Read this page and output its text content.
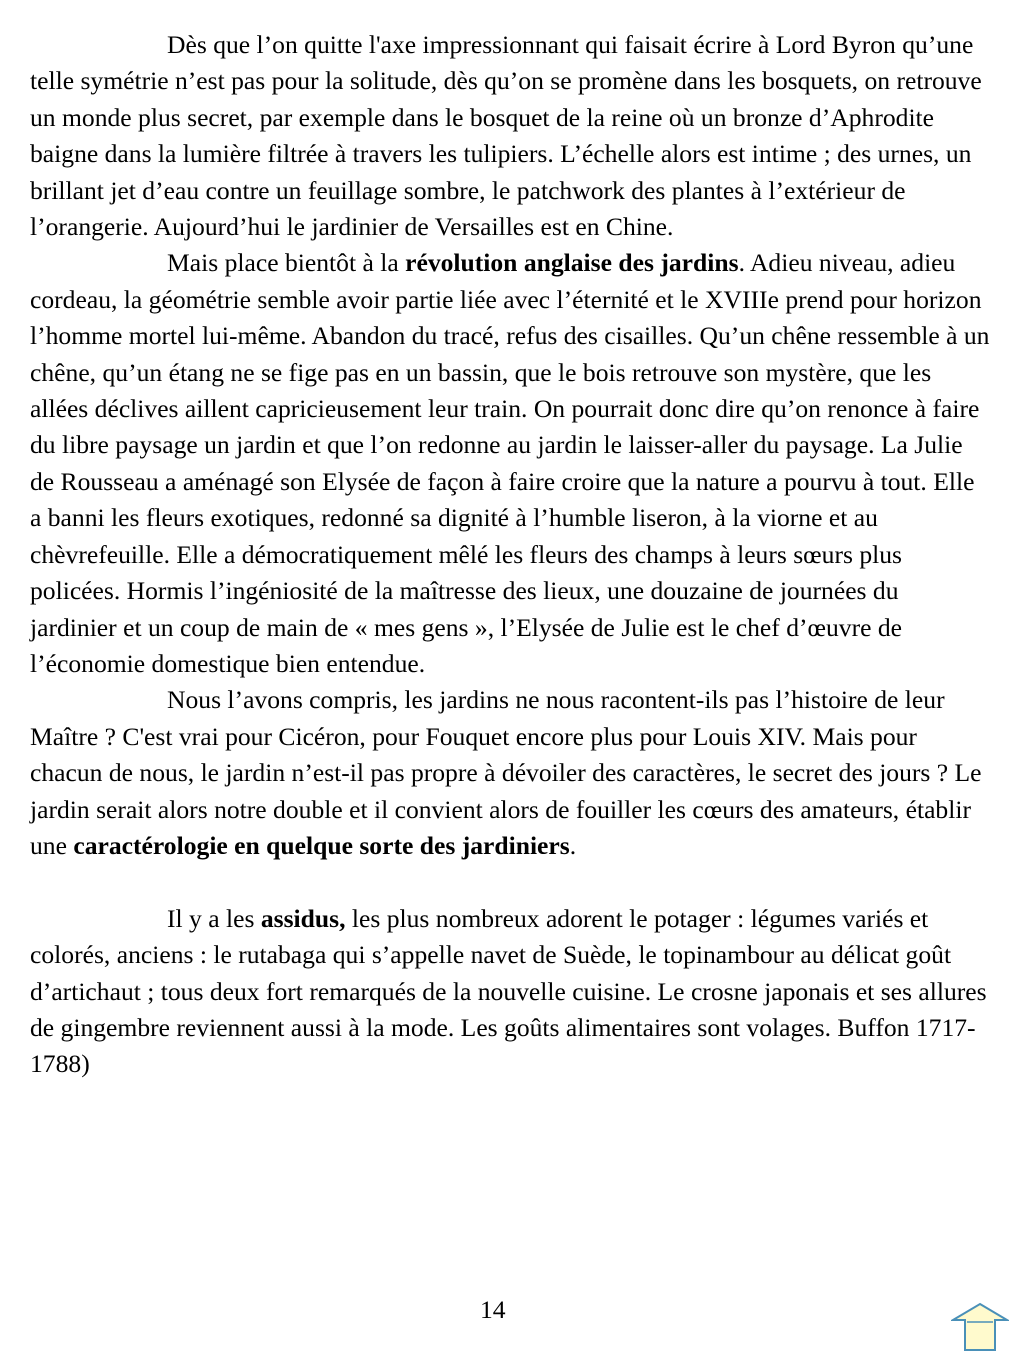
Dès que l’on quitte l'axe impressionnant qui faisait écrire à Lord Byron qu’une telle symétrie n’est pas pour la solitude, dès qu’on se promène dans les bosquets, on retrouve un monde plus secret, par exemple dans le bosquet de la reine où un bronze d’Aphrodite baigne dans la lumière filtrée à travers les tulipiers. L’échelle alors est intime ; des urnes, un brillant jet d’eau contre un feuillage sombre, le patchwork des plantes à l’extérieur de l’orangerie. Aujourd’hui le jardinier de Versailles est en Chine.

Mais place bientôt à la révolution anglaise des jardins. Adieu niveau, adieu cordeau, la géométrie semble avoir partie liée avec l’éternité et le XVIIIe prend pour horizon l’homme mortel lui-même. Abandon du tracé, refus des cisailles. Qu’un chêne ressemble à un chêne, qu’un étang ne se fige pas en un bassin, que le bois retrouve son mystère, que les allées déclives aillent capricieusement leur train. On pourrait donc dire qu’on renonce à faire du libre paysage un jardin et que l’on redonne au jardin le laisser-aller du paysage. La Julie de Rousseau a aménagé son Elysée de façon à faire croire que la nature a pourvu à tout. Elle a banni les fleurs exotiques, redonné sa dignité à l’humble liseron, à la viorne et au chèvrefeuille. Elle a démocratiquement mêlé les fleurs des champs à leurs sœurs plus policées. Hormis l’ingéniosité de la maîtresse des lieux, une douzaine de journées du jardinier et un coup de main de « mes gens », l’Elysée de Julie est le chef d’œuvre de l’économie domestique bien entendue.

Nous l’avons compris, les jardins ne nous racontent-ils pas l’histoire de leur Maître ? C'est vrai pour Cicéron, pour Fouquet encore plus pour Louis XIV. Mais pour chacun de nous, le jardin n’est-il pas propre à dévoiler des caractères, le secret des jours ? Le jardin serait alors notre double et il convient alors de fouiller les cœurs des amateurs, établir une caractérologie en quelque sorte des jardiniers.

Il y a les assidus, les plus nombreux adorent le potager : légumes variés et colorés, anciens : le rutabaga qui s’appelle navet de Suède, le topinambour au délicat goût d’artichaut ; tous deux fort remarqués de la nouvelle cuisine. Le crosne japonais et ses allures de gingembre reviennent aussi à la mode. Les goûts alimentaires sont volages. Buffon 1717-1788)

14
